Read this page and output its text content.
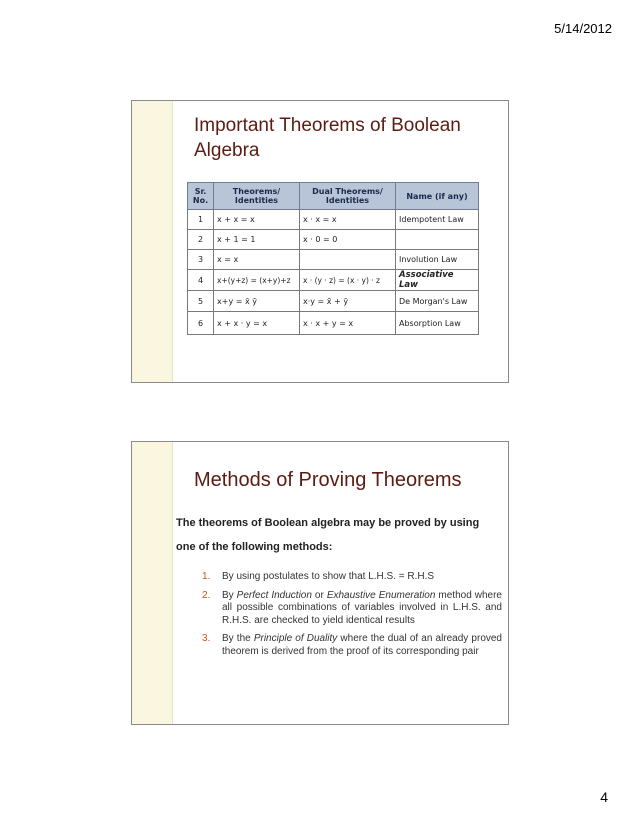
5/14/2012
Important Theorems of Boolean Algebra
Sr. No.	Theorems/ Identities	Dual Theorems/ Identities	Name (if any)
1	x + x = x	x · x = x	Idempotent Law
2	x + 1 = 1	x · 0 = 0	
3	x = x		Involution Law
4	x+(y+z) = (x+y)+z	x · (y · z) = (x · y) · z	Associative Law
5	x+y = x̄ ȳ	x·y = x̄ + ȳ	De Morgan's Law
6	x + x · y = x	x · x + y = x	Absorption Law
Methods of Proving Theorems

The theorems of Boolean algebra may be proved by using one of the following methods:

1. By using postulates to show that L.H.S. = R.H.S
2. By Perfect Induction or Exhaustive Enumeration method where all possible combinations of variables involved in L.H.S. and R.H.S. are checked to yield identical results
3. By the Principle of Duality where the dual of an already proved theorem is derived from the proof of its corresponding pair
4
